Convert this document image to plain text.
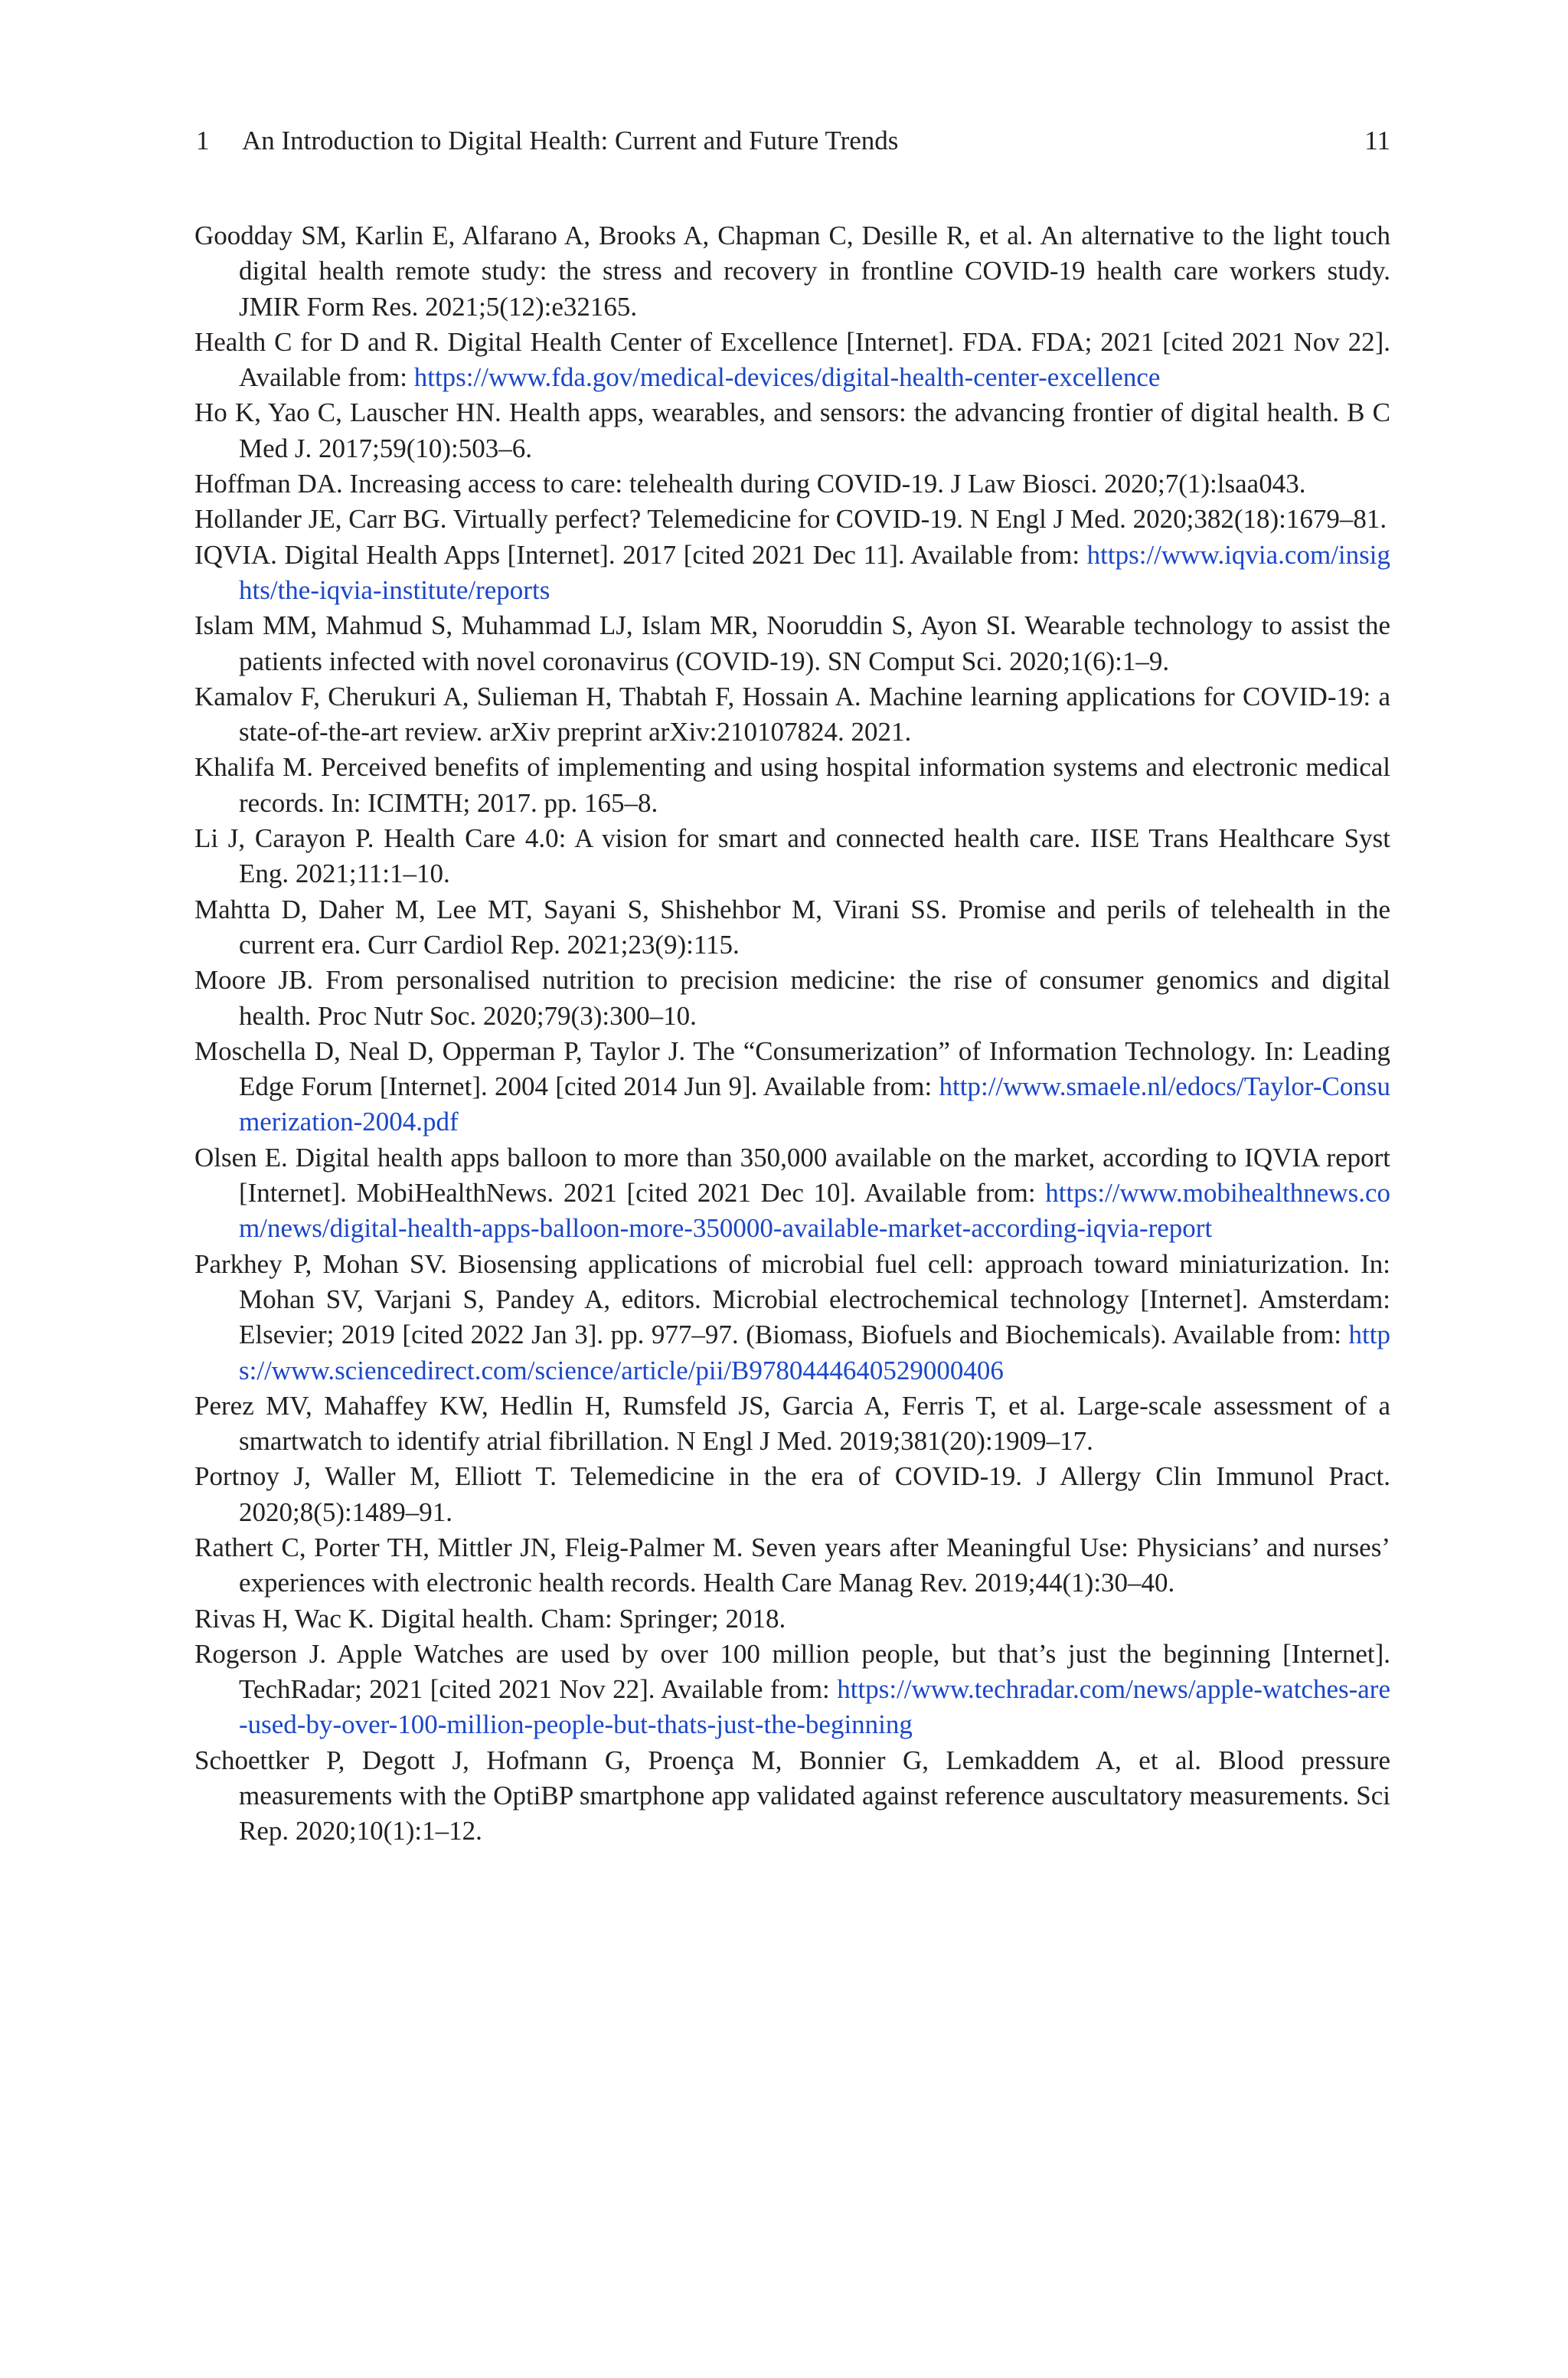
1 An Introduction to Digital Health: Current and Future Trends	11
Goodday SM, Karlin E, Alfarano A, Brooks A, Chapman C, Desille R, et al. An alternative to the light touch digital health remote study: the stress and recovery in frontline COVID-19 health care workers study. JMIR Form Res. 2021;5(12):e32165.
Health C for D and R. Digital Health Center of Excellence [Internet]. FDA. FDA; 2021 [cited 2021 Nov 22]. Available from: https://www.fda.gov/medical-devices/digital-health-center-excellence
Ho K, Yao C, Lauscher HN. Health apps, wearables, and sensors: the advancing frontier of digital health. B C Med J. 2017;59(10):503–6.
Hoffman DA. Increasing access to care: telehealth during COVID-19. J Law Biosci. 2020;7(1):lsaa043.
Hollander JE, Carr BG. Virtually perfect? Telemedicine for COVID-19. N Engl J Med. 2020;382(18):1679–81.
IQVIA. Digital Health Apps [Internet]. 2017 [cited 2021 Dec 11]. Available from: https://www.iqvia.com/insights/the-iqvia-institute/reports
Islam MM, Mahmud S, Muhammad LJ, Islam MR, Nooruddin S, Ayon SI. Wearable technology to assist the patients infected with novel coronavirus (COVID-19). SN Comput Sci. 2020;1(6):1–9.
Kamalov F, Cherukuri A, Sulieman H, Thabtah F, Hossain A. Machine learning applications for COVID-19: a state-of-the-art review. arXiv preprint arXiv:210107824. 2021.
Khalifa M. Perceived benefits of implementing and using hospital information systems and electronic medical records. In: ICIMTH; 2017. pp. 165–8.
Li J, Carayon P. Health Care 4.0: A vision for smart and connected health care. IISE Trans Healthcare Syst Eng. 2021;11:1–10.
Mahtta D, Daher M, Lee MT, Sayani S, Shishehbor M, Virani SS. Promise and perils of telehealth in the current era. Curr Cardiol Rep. 2021;23(9):115.
Moore JB. From personalised nutrition to precision medicine: the rise of consumer genomics and digital health. Proc Nutr Soc. 2020;79(3):300–10.
Moschella D, Neal D, Opperman P, Taylor J. The “Consumerization” of Information Technology. In: Leading Edge Forum [Internet]. 2004 [cited 2014 Jun 9]. Available from: http://www.smaele.nl/edocs/Taylor-Consumerization-2004.pdf
Olsen E. Digital health apps balloon to more than 350,000 available on the market, according to IQVIA report [Internet]. MobiHealthNews. 2021 [cited 2021 Dec 10]. Available from: https://www.mobihealthnews.com/news/digital-health-apps-balloon-more-350000-available-market-according-iqvia-report
Parkhey P, Mohan SV. Biosensing applications of microbial fuel cell: approach toward miniaturization. In: Mohan SV, Varjani S, Pandey A, editors. Microbial electrochemical technology [Internet]. Amsterdam: Elsevier; 2019 [cited 2022 Jan 3]. pp. 977–97. (Biomass, Biofuels and Biochemicals). Available from: https://www.sciencedirect.com/science/article/pii/B9780444640529000406
Perez MV, Mahaffey KW, Hedlin H, Rumsfeld JS, Garcia A, Ferris T, et al. Large-scale assessment of a smartwatch to identify atrial fibrillation. N Engl J Med. 2019;381(20):1909–17.
Portnoy J, Waller M, Elliott T. Telemedicine in the era of COVID-19. J Allergy Clin Immunol Pract. 2020;8(5):1489–91.
Rathert C, Porter TH, Mittler JN, Fleig-Palmer M. Seven years after Meaningful Use: Physicians’ and nurses’ experiences with electronic health records. Health Care Manag Rev. 2019;44(1):30–40.
Rivas H, Wac K. Digital health. Cham: Springer; 2018.
Rogerson J. Apple Watches are used by over 100 million people, but that’s just the beginning [Internet]. TechRadar; 2021 [cited 2021 Nov 22]. Available from: https://www.techradar.com/news/apple-watches-are-used-by-over-100-million-people-but-thats-just-the-beginning
Schoettker P, Degott J, Hofmann G, Proença M, Bonnier G, Lemkaddem A, et al. Blood pressure measurements with the OptiBP smartphone app validated against reference auscultatory measurements. Sci Rep. 2020;10(1):1–12.
